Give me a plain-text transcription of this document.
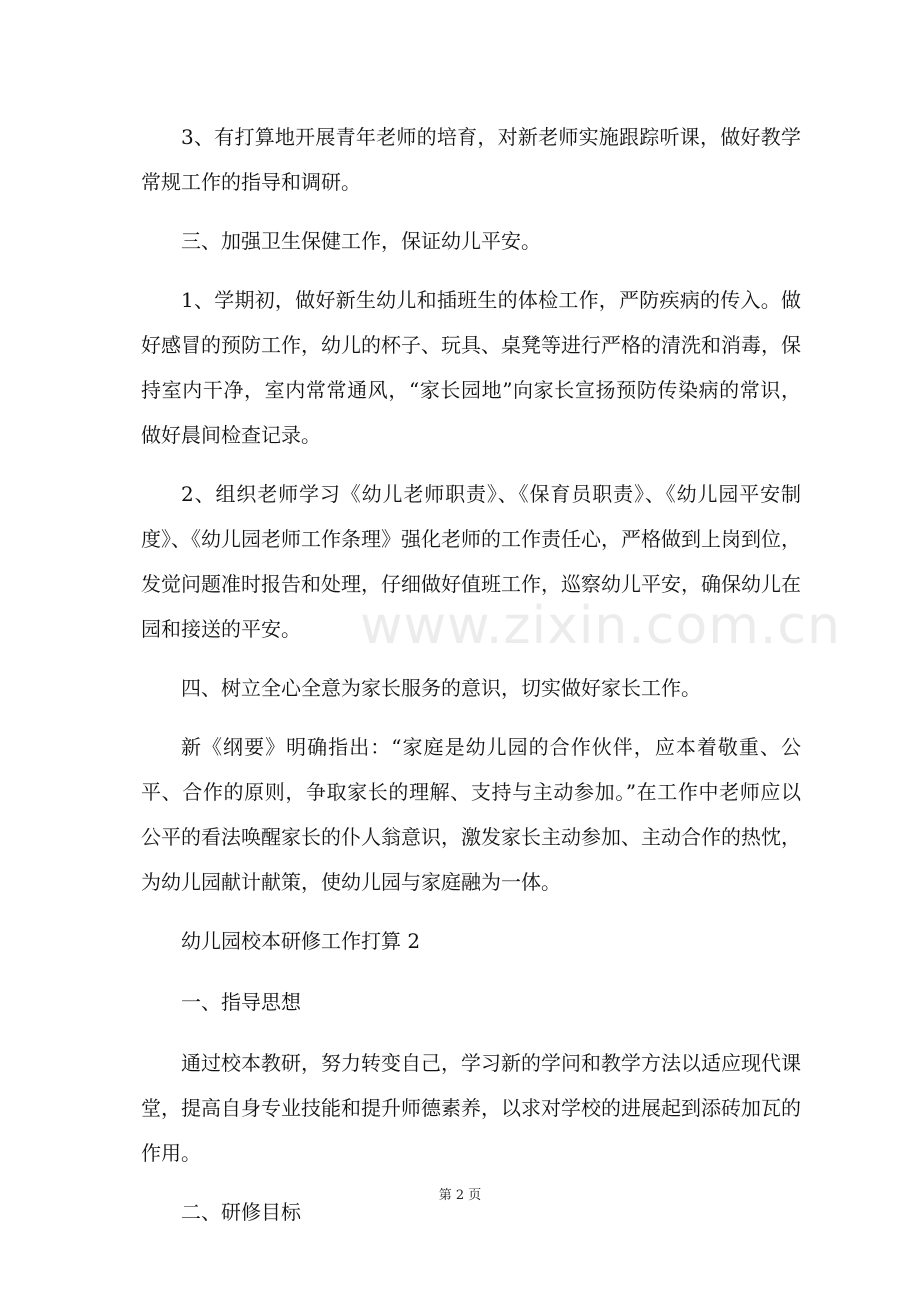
3、有打算地开展青年老师的培育，对新老师实施跟踪听课，做好教学常规工作的指导和调研。

三、加强卫生保健工作，保证幼儿平安。

1、学期初，做好新生幼儿和插班生的体检工作，严防疾病的传入。做好感冒的预防工作，幼儿的杯子、玩具、桌凳等进行严格的清洗和消毒，保持室内干净，室内常常通风，“家长园地”向家长宣扬预防传染病的常识，做好晨间检查记录。

2、组织老师学习《幼儿老师职责》、《保育员职责》、《幼儿园平安制度》、《幼儿园老师工作条理》强化老师的工作责任心，严格做到上岗到位，发觉问题准时报告和处理，仔细做好值班工作，巡察幼儿平安，确保幼儿在园和接送的平安。

四、树立全心全意为家长服务的意识，切实做好家长工作。

新《纲要》明确指出：“家庭是幼儿园的合作伙伴，应本着敬重、公平、合作的原则，争取家长的理解、支持与主动参加。”在工作中老师应以公平的看法唤醒家长的仆人翁意识，激发家长主动参加、主动合作的热忱，为幼儿园献计献策，使幼儿园与家庭融为一体。

幼儿园校本研修工作打算 2

一、指导思想

通过校本教研，努力转变自己，学习新的学问和教学方法以适应现代课堂，提高自身专业技能和提升师德素养，以求对学校的进展起到添砖加瓦的作用。

二、研修目标

www.zixin.com.cn
第 2 页
